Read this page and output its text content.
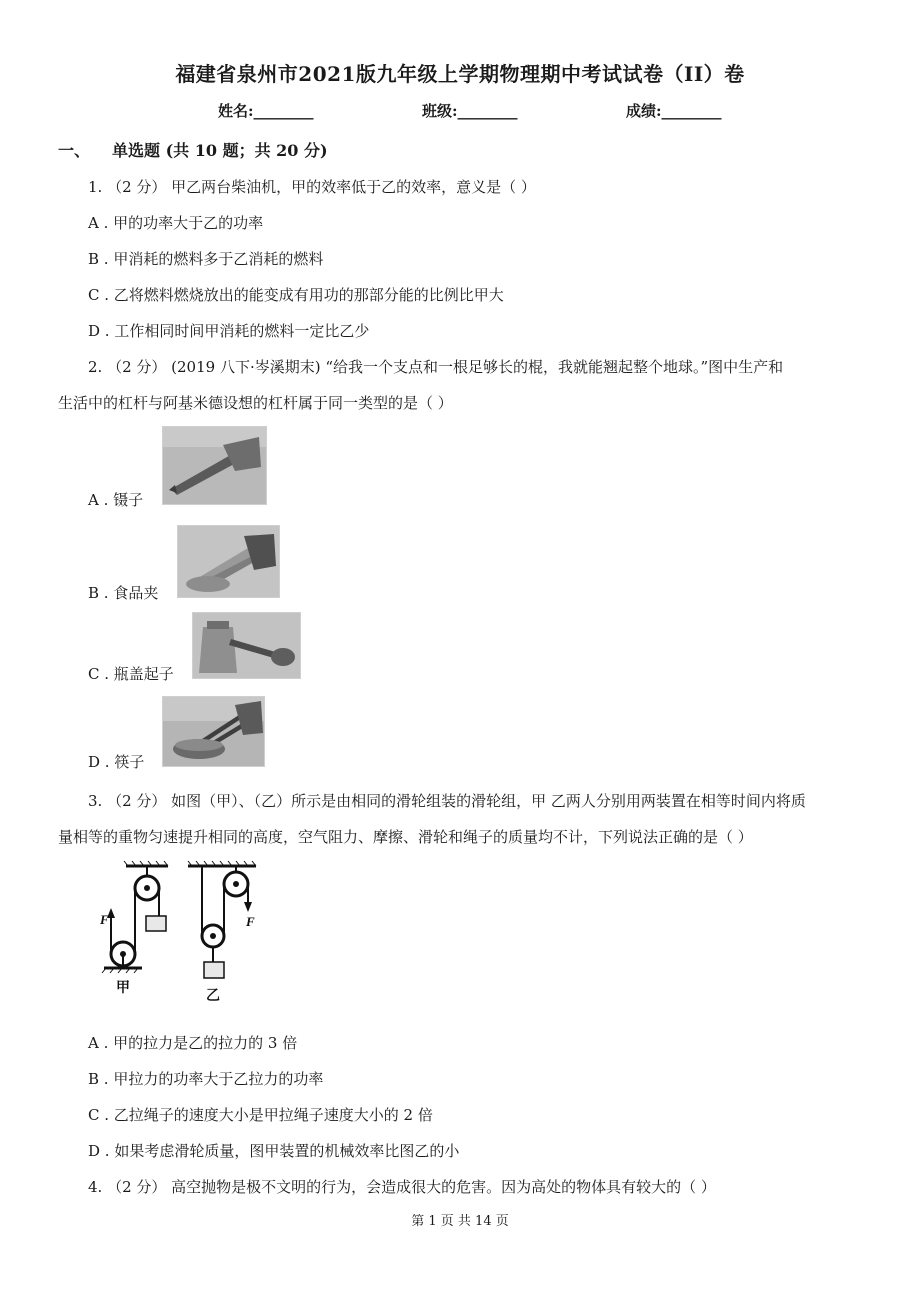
福建省泉州市2021版九年级上学期物理期中考试试卷（II）卷
姓名:________	班级:________	成绩:________
一、 单选题 (共 10 题；共 20 分)
1. （2 分） 甲乙两台柴油机，甲的效率低于乙的效率，意义是（ ）
A . 甲的功率大于乙的功率
B . 甲消耗的燃料多于乙消耗的燃料
C . 乙将燃料燃烧放出的能变成有用功的那部分能的比例比甲大
D . 工作相同时间甲消耗的燃料一定比乙少
2. （2 分） (2019 八下·岑溪期末) “给我一个支点和一根足够长的棍，我就能翘起整个地球。”图中生产和
生活中的杠杆与阿基米德设想的杠杆属于同一类型的是（ ）
A . 镊子
B . 食品夹
C . 瓶盖起子
D . 筷子
3. （2 分） 如图（甲）、（乙）所示是由相同的滑轮组装的滑轮组，甲 乙两人分别用两装置在相等时间内将质
量相等的重物匀速提升相同的高度，空气阻力、摩擦、滑轮和绳子的质量均不计，下列说法正确的是（ ）
F
甲
F
乙
A . 甲的拉力是乙的拉力的 3 倍
B . 甲拉力的功率大于乙拉力的功率
C . 乙拉绳子的速度大小是甲拉绳子速度大小的 2 倍
D . 如果考虑滑轮质量，图甲装置的机械效率比图乙的小
4. （2 分） 高空抛物是极不文明的行为，会造成很大的危害。因为高处的物体具有较大的（ ）
第 1 页 共 14 页
